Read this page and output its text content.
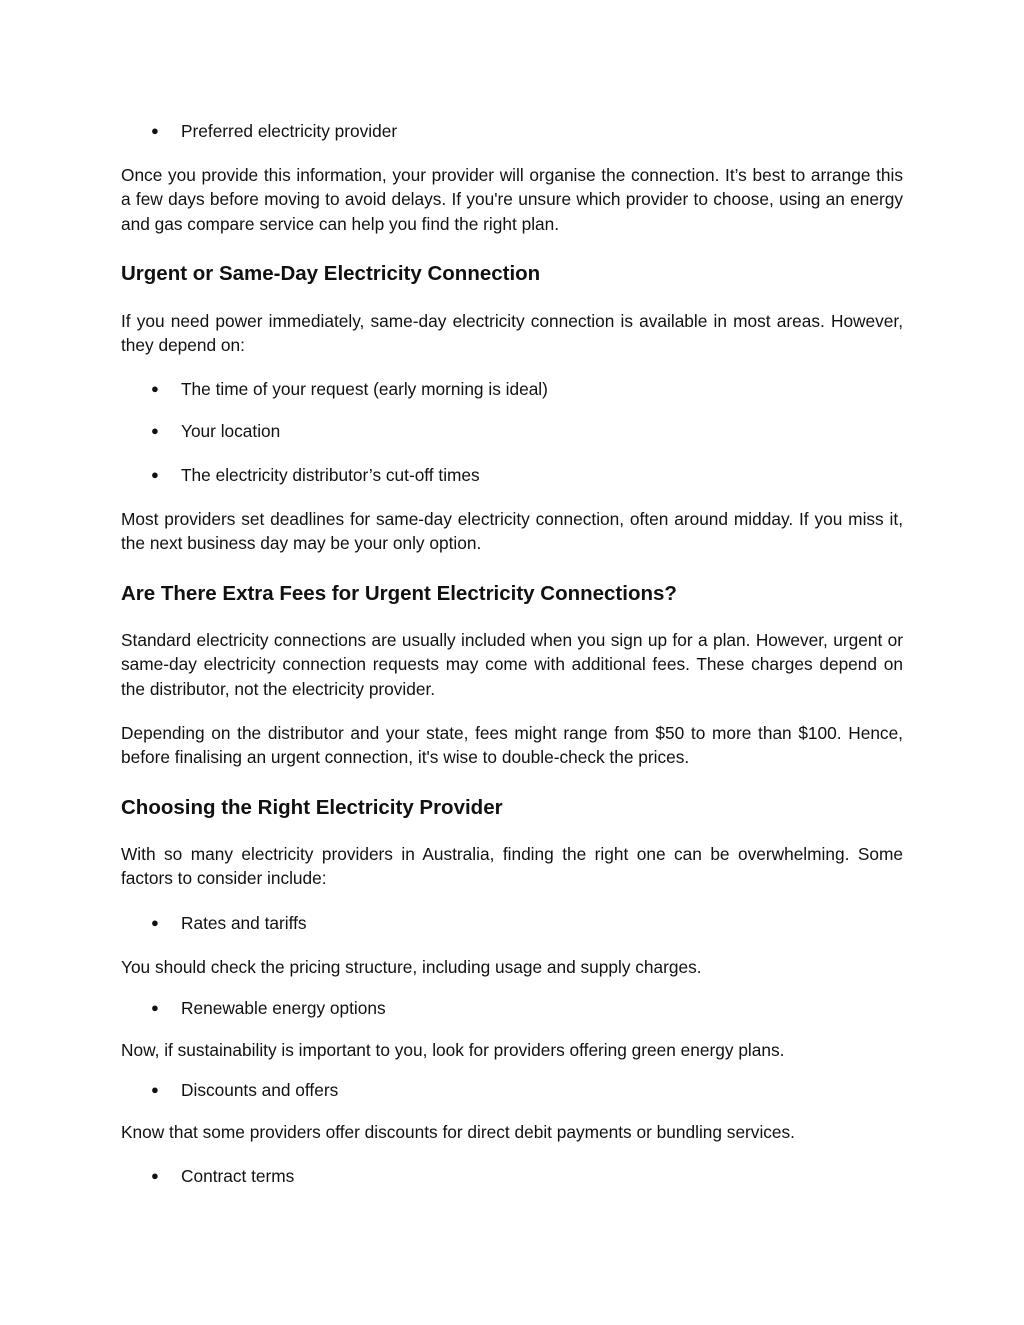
● Preferred electricity provider

Once you provide this information, your provider will organise the connection. It’s best to arrange this a few days before moving to avoid delays. If you're unsure which provider to choose, using an energy and gas compare service can help you find the right plan.

Urgent or Same-Day Electricity Connection

If you need power immediately, same-day electricity connection is available in most areas. However, they depend on:

● The time of your request (early morning is ideal)
● Your location
● The electricity distributor’s cut-off times

Most providers set deadlines for same-day electricity connection, often around midday. If you miss it, the next business day may be your only option.

Are There Extra Fees for Urgent Electricity Connections?

Standard electricity connections are usually included when you sign up for a plan. However, urgent or same-day electricity connection requests may come with additional fees. These charges depend on the distributor, not the electricity provider.

Depending on the distributor and your state, fees might range from $50 to more than $100. Hence, before finalising an urgent connection, it's wise to double-check the prices.

Choosing the Right Electricity Provider

With so many electricity providers in Australia, finding the right one can be overwhelming. Some factors to consider include:

● Rates and tariffs

You should check the pricing structure, including usage and supply charges.

● Renewable energy options

Now, if sustainability is important to you, look for providers offering green energy plans.

● Discounts and offers

Know that some providers offer discounts for direct debit payments or bundling services.

● Contract terms
